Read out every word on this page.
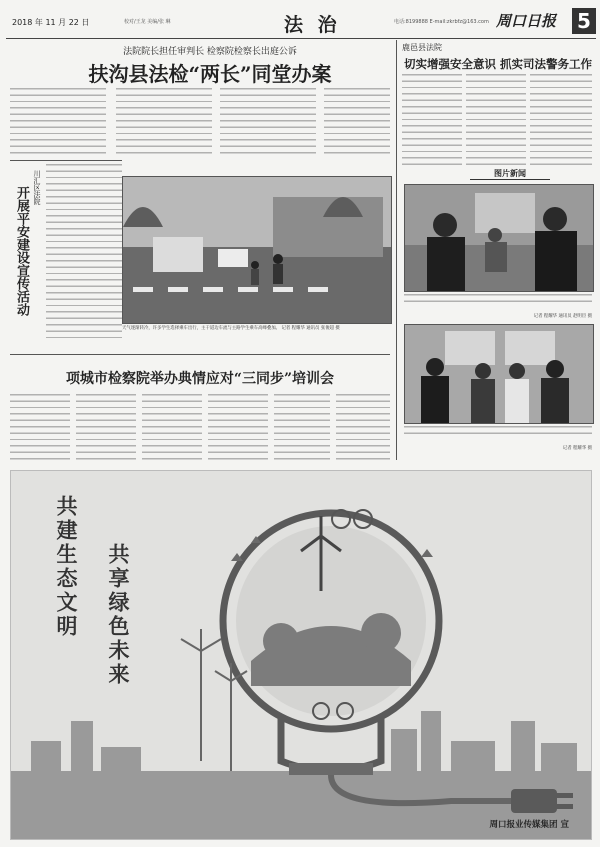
2018 年 11 月 22 日	校对/王龙 美编/张 琳	法 治	电话:8199888 E-mail:zkrbfz@163.com 周口日报 5
法院院长担任审判长 检察院检察长出庭公诉
扶沟县法检“两长”同堂办案
开展平安建设宣传活动 川汇区法院
天气逐渐转冷，许多学生选择乘车出行，主干道边车流与主路学生乘车高峰叠加。 记者 程耀华 通讯员 张俊超 摄
鹿邑县法院
切实增强安全意识 抓实司法警务工作
图片新闻
记者 程耀华 通讯员 赵明臣 摄
记者 程耀华 摄
项城市检察院举办典情应对“三同步”培训会
共建生态文明 共享绿色未来
周口报业传媒集团 宣
